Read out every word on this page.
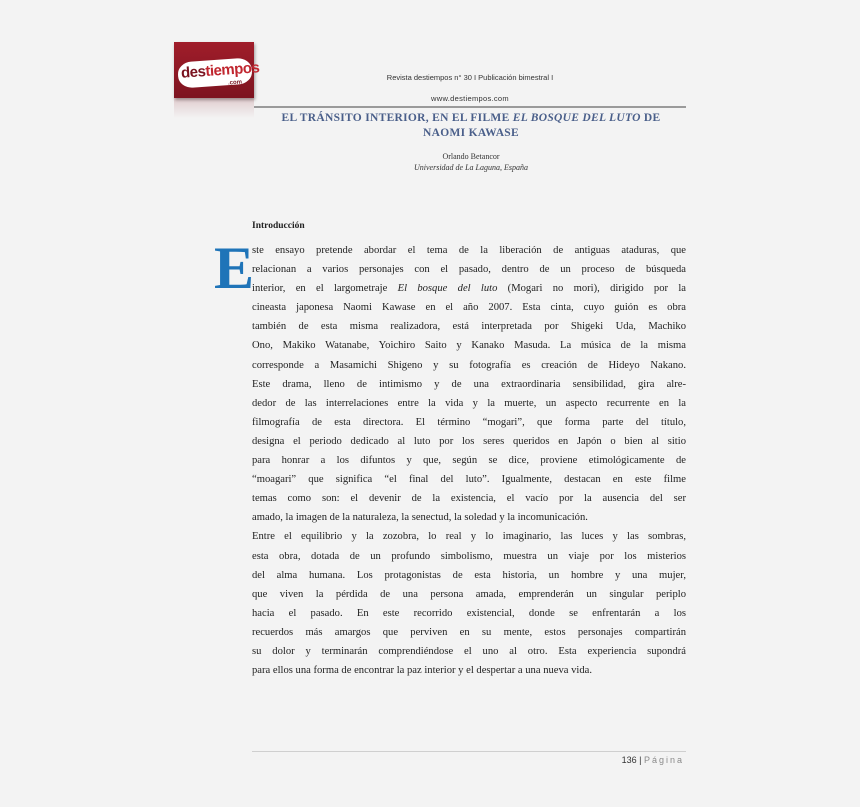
destiempos
.com
Revista destiempos n° 30 I Publicación bimestral I
www.destiempos.com
EL TRÁNSITO INTERIOR, EN EL FILME EL BOSQUE DEL LUTO DE
NAOMI KAWASE
Orlando Betancor
Universidad de La Laguna, España
Introducción
E
ste ensayo pretende abordar el tema de la liberación de antiguas ataduras, que
relacionan a varios personajes con el pasado, dentro de un proceso de búsqueda
interior, en el largometraje El bosque del luto (Mogari no mori), dirigido por la
cineasta japonesa Naomi Kawase en el año 2007. Esta cinta, cuyo guión es obra
también de esta misma realizadora, está interpretada por Shigeki Uda, Machiko
Ono, Makiko Watanabe, Yoichiro Saito y Kanako Masuda. La música de la misma
corresponde a Masamichi Shigeno y su fotografía es creación de Hideyo Nakano.
Este drama, lleno de intimismo y de una extraordinaria sensibilidad, gira alre-
dedor de las interrelaciones entre la vida y la muerte, un aspecto recurrente en la
filmografía de esta directora. El término “mogari”, que forma parte del título,
designa el periodo dedicado al luto por los seres queridos en Japón o bien al sitio
para honrar a los difuntos y que, según se dice, proviene etimológicamente de
“moagari” que significa “el final del luto”. Igualmente, destacan en este filme
temas como son: el devenir de la existencia, el vacío por la ausencia del ser
amado, la imagen de la naturaleza, la senectud, la soledad y la incomunicación.
Entre el equilibrio y la zozobra, lo real y lo imaginario, las luces y las sombras,
esta obra, dotada de un profundo simbolismo, muestra un viaje por los misterios
del alma humana. Los protagonistas de esta historia, un hombre y una mujer,
que viven la pérdida de una persona amada, emprenderán un singular periplo
hacia el pasado. En este recorrido existencial, donde se enfrentarán a los
recuerdos más amargos que perviven en su mente, estos personajes compartirán
su dolor y terminarán comprendiéndose el uno al otro. Esta experiencia supondrá
para ellos una forma de encontrar la paz interior y el despertar a una nueva vida.
136 | Página
